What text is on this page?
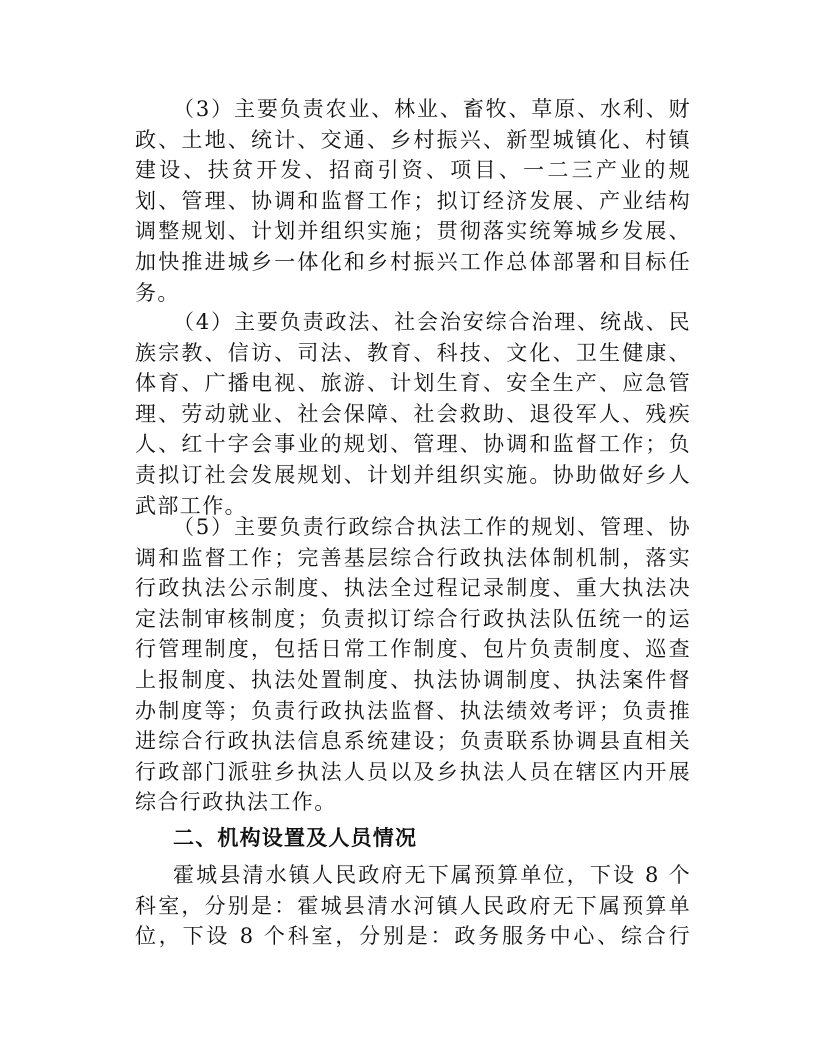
（3）主要负责农业、林业、畜牧、草原、水利、财
政、土地、统计、交通、乡村振兴、新型城镇化、村镇
建设、扶贫开发、招商引资、项目、一二三产业的规
划、管理、协调和监督工作；拟订经济发展、产业结构
调整规划、计划并组织实施；贯彻落实统筹城乡发展、
加快推进城乡一体化和乡村振兴工作总体部署和目标任
务。
（4）主要负责政法、社会治安综合治理、统战、民
族宗教、信访、司法、教育、科技、文化、卫生健康、
体育、广播电视、旅游、计划生育、安全生产、应急管
理、劳动就业、社会保障、社会救助、退役军人、残疾
人、红十字会事业的规划、管理、协调和监督工作；负
责拟订社会发展规划、计划并组织实施。协助做好乡人
武部工作。
（5）主要负责行政综合执法工作的规划、管理、协
调和监督工作；完善基层综合行政执法体制机制，落实
行政执法公示制度、执法全过程记录制度、重大执法决
定法制审核制度；负责拟订综合行政执法队伍统一的运
行管理制度，包括日常工作制度、包片负责制度、巡查
上报制度、执法处置制度、执法协调制度、执法案件督
办制度等；负责行政执法监督、执法绩效考评；负责推
进综合行政执法信息系统建设；负责联系协调县直相关
行政部门派驻乡执法人员以及乡执法人员在辖区内开展
综合行政执法工作。
二、机构设置及人员情况
霍城县清水镇人民政府无下属预算单位，下设 8 个
科室，分别是：霍城县清水河镇人民政府无下属预算单
位，下设 8 个科室，分别是：政务服务中心、综合行
